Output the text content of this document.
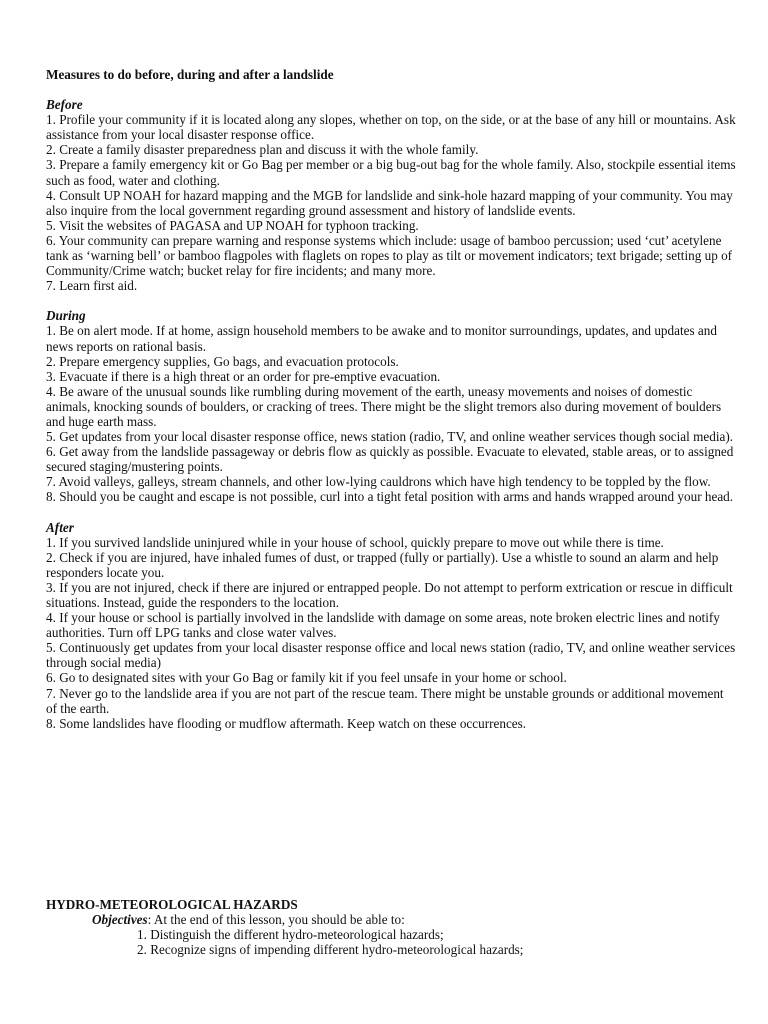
Measures to do before, during and after a landslide

Before

1. Profile your community if it is located along any slopes, whether on top, on the side, or at the base of any hill or mountains. Ask assistance from your local disaster response office.

2. Create a family disaster preparedness plan and discuss it with the whole family.

3. Prepare a family emergency kit or Go Bag per member or a big bug-out bag for the whole family. Also, stockpile essential items such as food, water and clothing.

4. Consult UP NOAH for hazard mapping and the MGB for landslide and sink-hole hazard mapping of your community. You may also inquire from the local government regarding ground assessment and history of landslide events.

5. Visit the websites of PAGASA and UP NOAH for typhoon tracking.

6. Your community can prepare warning and response systems which include: usage of bamboo percussion; used ‘cut’ acetylene tank as ‘warning bell’ or bamboo flagpoles with flaglets on ropes to play as tilt or movement indicators; text brigade; setting up of Community/Crime watch; bucket relay for fire incidents; and many more.

7. Learn first aid.

During

1. Be on alert mode. If at home, assign household members to be awake and to monitor surroundings, updates, and updates and news reports on rational basis.

2. Prepare emergency supplies, Go bags, and evacuation protocols.

3. Evacuate if there is a high threat or an order for pre-emptive evacuation.

4. Be aware of the unusual sounds like rumbling during movement of the earth, uneasy movements and noises of domestic animals, knocking sounds of boulders, or cracking of trees. There might be the slight tremors also during movement of boulders and huge earth mass.

5. Get updates from your local disaster response office, news station (radio, TV, and online weather services though social media).

6. Get away from the landslide passageway or debris flow as quickly as possible. Evacuate to elevated, stable areas, or to assigned secured staging/mustering points.

7. Avoid valleys, galleys, stream channels, and other low-lying cauldrons which have high tendency to be toppled by the flow.

8. Should you be caught and escape is not possible, curl into a tight fetal position with arms and hands wrapped around your head.

After

1. If you survived landslide uninjured while in your house of school, quickly prepare to move out while there is time.

2. Check if you are injured, have inhaled fumes of dust, or trapped (fully or partially). Use a whistle to sound an alarm and help responders locate you.

3. If you are not injured, check if there are injured or entrapped people. Do not attempt to perform extrication or rescue in difficult situations. Instead, guide the responders to the location.

4. If your house or school is partially involved in the landslide with damage on some areas, note broken electric lines and notify authorities. Turn off LPG tanks and close water valves.

5. Continuously get updates from your local disaster response office and local news station (radio, TV, and online weather services through social media)

6. Go to designated sites with your Go Bag or family kit if you feel unsafe in your home or school.

7. Never go to the landslide area if you are not part of the rescue team. There might be unstable grounds or additional movement of the earth.

8. Some landslides have flooding or mudflow aftermath. Keep watch on these occurrences.

HYDRO-METEOROLOGICAL HAZARDS

Objectives: At the end of this lesson, you should be able to:

1. Distinguish the different hydro-meteorological hazards;

2. Recognize signs of impending different hydro-meteorological hazards;
